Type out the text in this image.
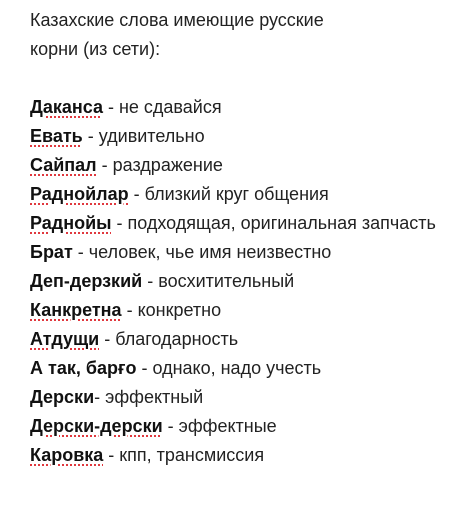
Казахские слова имеющие русские
корни (из сети):
Даканса - не сдавайся
Евать - удивительно
Сайпал - раздражение
Раднойлар - близкий круг общения
Раднойы - подходящая, оригинальная запчасть
Брат - человек, чье имя неизвестно
Деп-дерзкий - восхитительный
Канкретна - конкретно
Атдущи - благодарность
А так, барғо - однако, надо учесть
Дерски- эффектный
Дерски-дерски - эффектные
Каровка - кпп, трансмиссия
